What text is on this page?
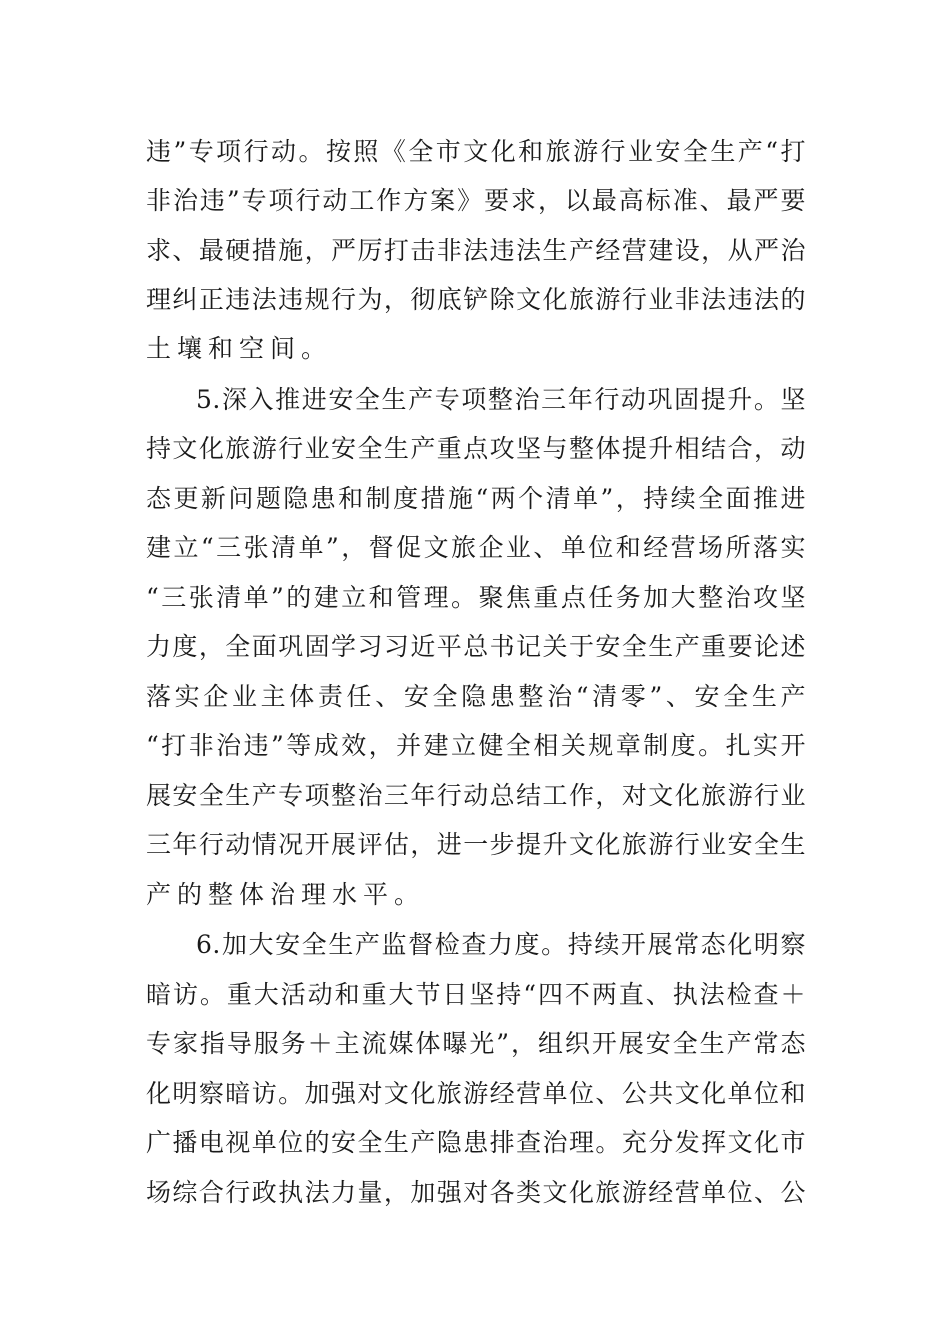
违”专项行动。按照《全市文化和旅游行业安全生产“打
非治违”专项行动工作方案》要求，以最高标准、最严要
求、最硬措施，严厉打击非法违法生产经营建设，从严治
理纠正违法违规行为，彻底铲除文化旅游行业非法违法的
土壤和空间。
5.深入推进安全生产专项整治三年行动巩固提升。坚
持文化旅游行业安全生产重点攻坚与整体提升相结合，动
态更新问题隐患和制度措施“两个清单”，持续全面推进
建立“三张清单”，督促文旅企业、单位和经营场所落实
“三张清单”的建立和管理。聚焦重点任务加大整治攻坚
力度，全面巩固学习习近平总书记关于安全生产重要论述
落实企业主体责任、安全隐患整治“清零”、安全生产
“打非治违”等成效，并建立健全相关规章制度。扎实开
展安全生产专项整治三年行动总结工作，对文化旅游行业
三年行动情况开展评估，进一步提升文化旅游行业安全生
产的整体治理水平。
6.加大安全生产监督检查力度。持续开展常态化明察
暗访。重大活动和重大节日坚持“四不两直、执法检查＋
专家指导服务＋主流媒体曝光”，组织开展安全生产常态
化明察暗访。加强对文化旅游经营单位、公共文化单位和
广播电视单位的安全生产隐患排查治理。充分发挥文化市
场综合行政执法力量，加强对各类文化旅游经营单位、公
